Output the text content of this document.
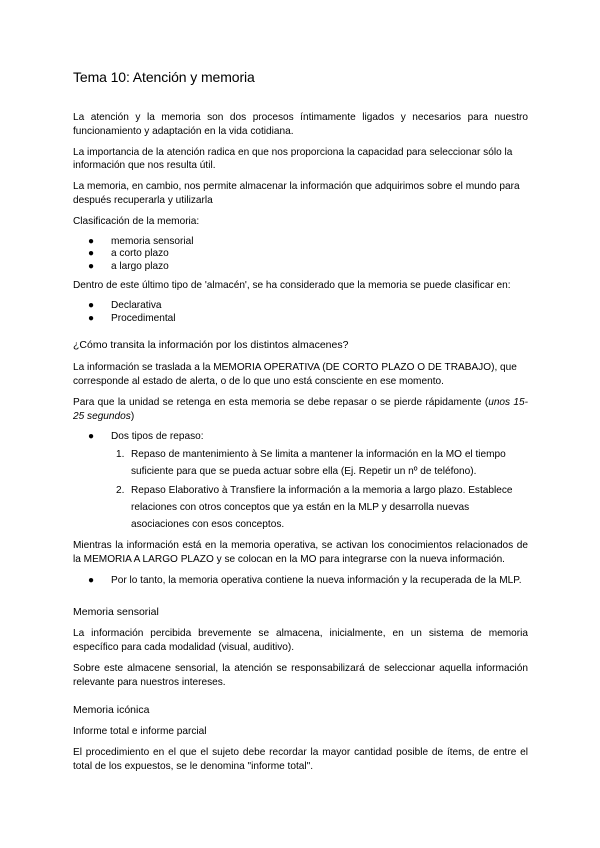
Tema 10: Atención y memoria

La atención y la memoria son dos procesos íntimamente ligados y necesarios para nuestro funcionamiento y adaptación en la vida cotidiana.

La importancia de la atención radica en que nos proporciona la capacidad para seleccionar sólo la información que nos resulta útil.

La memoria, en cambio, nos permite almacenar la información que adquirimos sobre el mundo para después recuperarla y utilizarla

Clasificación de la memoria:

● memoria sensorial
● a corto plazo
● a largo plazo

Dentro de este último tipo de 'almacén', se ha considerado que la memoria se puede clasificar en:

● Declarativa
● Procedimental
¿Cómo transita la información por los distintos almacenes?

La información se traslada a la MEMORIA OPERATIVA (DE CORTO PLAZO O DE TRABAJO), que corresponde al estado de alerta, o de lo que uno está consciente en ese momento.

Para que la unidad se retenga en esta memoria se debe repasar o se pierde rápidamente (unos 15-25 segundos)

● Dos tipos de repaso:
1. Repaso de mantenimiento à Se limita a mantener la información en la MO el tiempo suficiente para que se pueda actuar sobre ella (Ej. Repetir un nº de teléfono).
2. Repaso Elaborativo à Transfiere la información a la memoria a largo plazo. Establece relaciones con otros conceptos que ya están en la MLP y desarrolla nuevas asociaciones con esos conceptos.

Mientras la información está en la memoria operativa, se activan los conocimientos relacionados de la MEMORIA A LARGO PLAZO y se colocan en la MO para integrarse con la nueva información.

● Por lo tanto, la memoria operativa contiene la nueva información y la recuperada de la MLP.
Memoria sensorial

La información percibida brevemente se almacena, inicialmente, en un sistema de memoria específico para cada modalidad (visual, auditivo).

Sobre este almacene sensorial, la atención se responsabilizará de seleccionar aquella información relevante para nuestros intereses.

Memoria icónica

Informe total e informe parcial

El procedimiento en el que el sujeto debe recordar la mayor cantidad posible de ítems, de entre el total de los expuestos, se le denomina "informe total".
